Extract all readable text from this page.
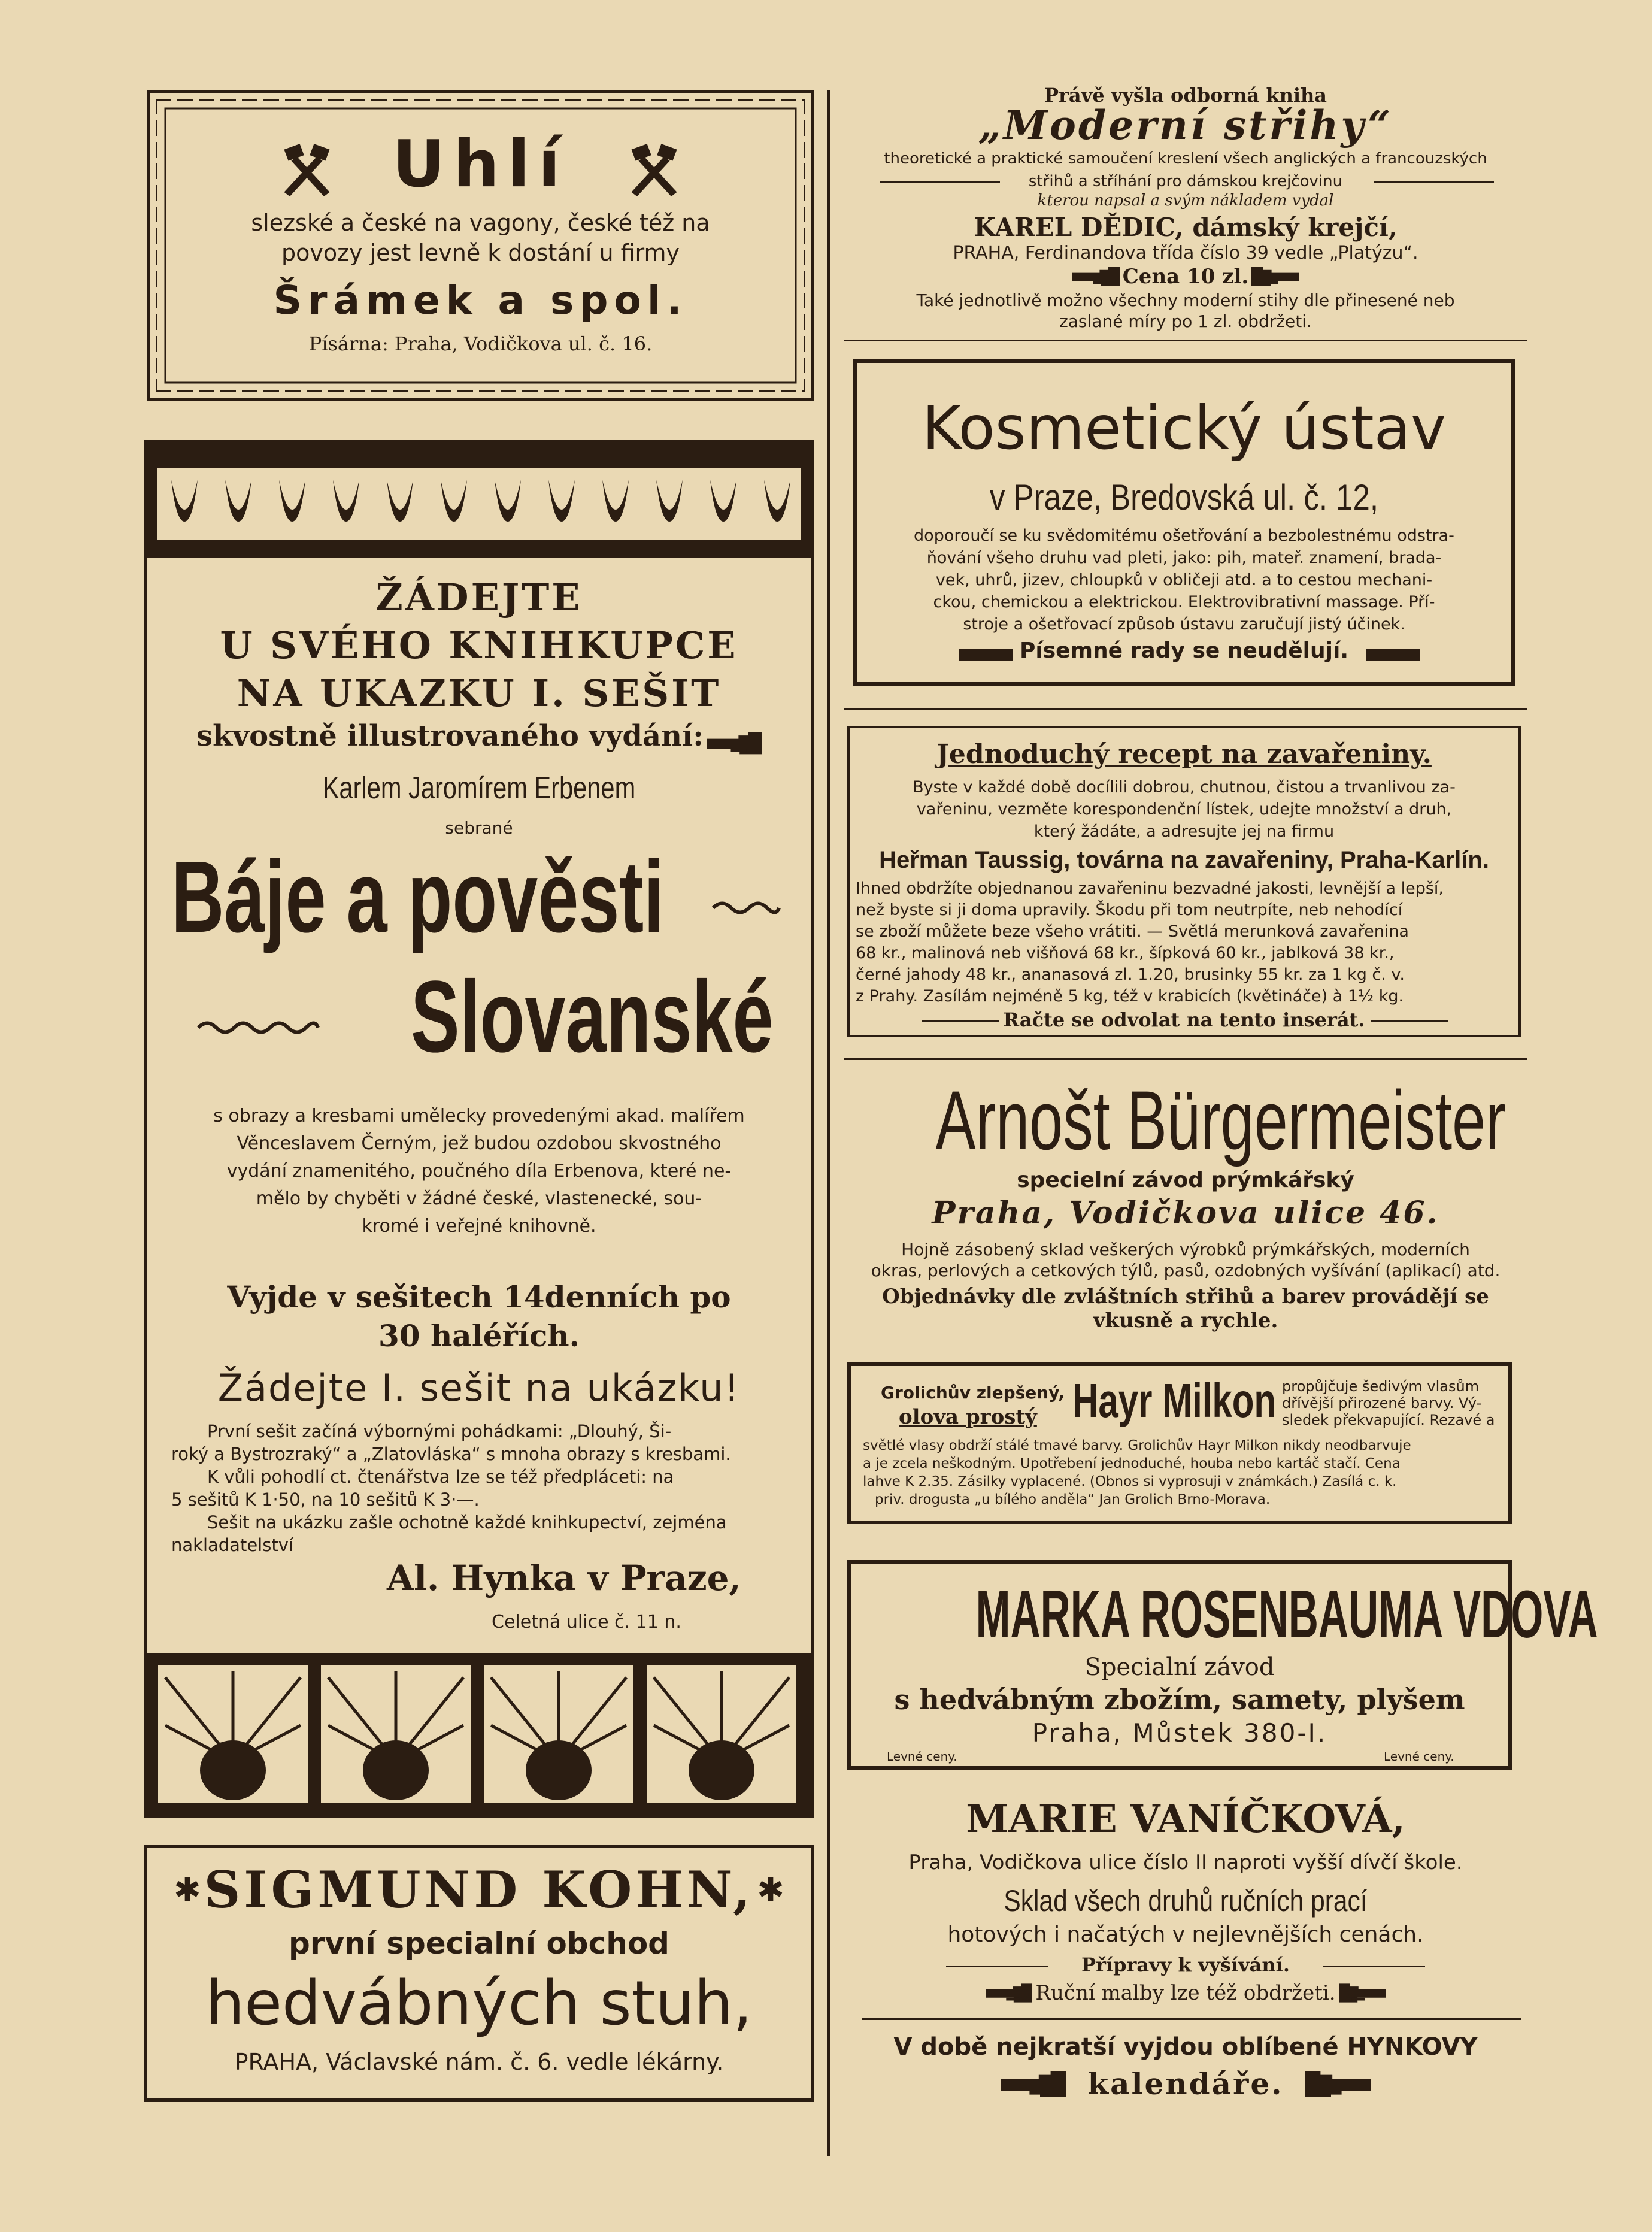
Uhlí
slezské a české na vagony, české též na
povozy jest levně k dostání u firmy
Šrámek a spol.
Písárna: Praha, Vodičkova ul. č. 16.
ŽÁDEJTE
U SVÉHO KNIHKUPCE
NA UKAZKU I. SEŠIT
skvostně illustrovaného vydání:
Karlem Jaromírem Erbenem
sebrané
Báje a pověsti
Slovanské
s obrazy a kresbami umělecky provedenými akad. malířem
Věnceslavem Černým, jež budou ozdobou skvostného
vydání znamenitého, poučného díla Erbenova, které ne-
mělo by chyběti v žádné české, vlastenecké, sou-
kromé i veřejné knihovně.
Vyjde v sešitech 14denních po
30 haléřích.
Žádejte I. sešit na ukázku!
První sešit začíná výbornými pohádkami: „Dlouhý, Ši-
roký a Bystrozraký“ a „Zlatovláska“ s mnoha obrazy s kresbami.
K vůli pohodlí ct. čtenářstva lze se též předpláceti: na
5 sešitů K 1·50, na 10 sešitů K 3·—.
Sešit na ukázku zašle ochotně každé knihkupectví, zejména
nakladatelství
Al. Hynka v Praze,
Celetná ulice č. 11 n.
✱ SIGMUND KOHN, ✱
první specialní obchod
hedvábných stuh,
PRAHA, Václavské nám. č. 6. vedle lékárny.
Právě vyšla odborná kniha
„Moderní střihy“
theoretické a praktické samoučení kreslení všech anglických a francouzských
střihů a stříhání pro dámskou krejčovinu
kterou napsal a svým nákladem vydal
KAREL DĚDIC, dámský krejčí,
PRAHA, Ferdinandova třída číslo 39 vedle „Platýzu“.
Cena 10 zl.
Také jednotlivě možno všechny moderní stihy dle přinesené neb
zaslané míry po 1 zl. obdržeti.
Kosmetický ústav
v Praze, Bredovská ul. č. 12,
doporoučí se ku svědomitému ošetřování a bezbolestnému odstra-
ňování všeho druhu vad pleti, jako: pih, mateř. znamení, brada-
vek, uhrů, jizev, chloupků v obličeji atd. a to cestou mechani-
ckou, chemickou a elektrickou. Elektrovibrativní massage. Pří-
stroje a ošetřovací způsob ústavu zaručují jistý účinek.
Písemné rady se neudělují.
Jednoduchý recept na zavařeniny.
Byste v každé době docílili dobrou, chutnou, čistou a trvanlivou za-
vařeninu, vezměte korespondenční lístek, udejte množství a druh,
který žádáte, a adresujte jej na firmu
Heřman Taussig, továrna na zavařeniny, Praha-Karlín.
Ihned obdržíte objednanou zavařeninu bezvadné jakosti, levnější a lepší,
než byste si ji doma upravily. Škodu při tom neutrpíte, neb nehodící
se zboží můžete beze všeho vrátiti. — Světlá merunková zavařenina
68 kr., malinová neb višňová 68 kr., šípková 60 kr., jablková 38 kr.,
černé jahody 48 kr., ananasová zl. 1.20, brusinky 55 kr. za 1 kg č. v.
z Prahy. Zasílám nejméně 5 kg, též v krabicích (květináče) à 1½ kg.
Račte se odvolat na tento inserát.
Arnošt Bürgermeister
specielní závod prýmkářský
Praha, Vodičkova ulice 46.
Hojně zásobený sklad veškerých výrobků prýmkářských, moderních
okras, perlových a cetkových týlů, pasů, ozdobných vyšívání (aplikací) atd.
Objednávky dle zvláštních střihů a barev provádějí se
vkusně a rychle.
Grolichův zlepšený,
olova prostý Hayr Milkon propůjčuje šedivým vlasům
dřívější přirozené barvy. Vý-
sledek překvapující. Rezavé a
světlé vlasy obdrží stálé tmavé barvy. Grolichův Hayr Milkon nikdy neodbarvuje
a je zcela neškodným. Upotřebení jednoduché, houba nebo kartáč stačí. Cena
lahve K 2.35. Zásilky vyplacené. (Obnos si vyprosuji v známkách.) Zasílá c. k.
priv. drogusta „u bílého anděla“ Jan Grolich Brno-Morava.
MARKA ROSENBAUMA VDOVA
Specialní závod
s hedvábným zbožím, samety, plyšem
Praha, Můstek 380-I.
Levné ceny.	Levné ceny.
MARIE VANÍČKOVÁ,
Praha, Vodičkova ulice číslo II naproti vyšší dívčí škole.
Sklad všech druhů ručních prací
hotových i načatých v nejlevnějších cenách.
Přípravy k vyšívání.
Ruční malby lze též obdržeti.
V době nejkratší vyjdou oblíbené HYNKOVY
kalendáře.
